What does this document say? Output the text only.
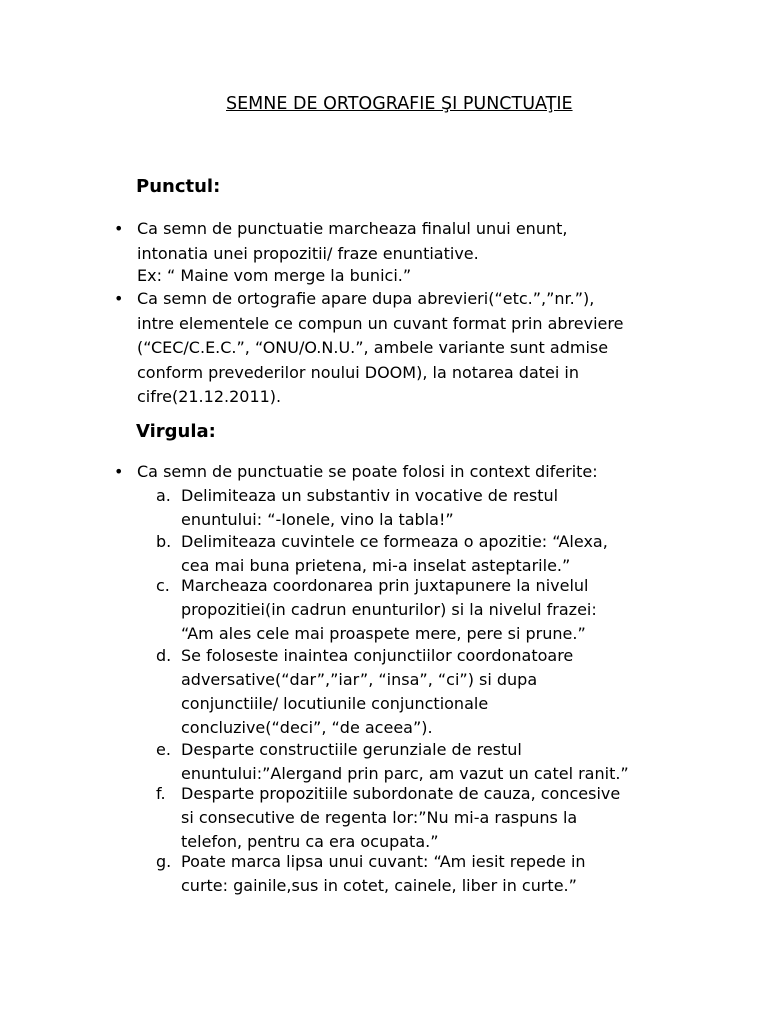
SEMNE DE ORTOGRAFIE ŞI PUNCTUAŢIE
Punctul:
• Ca semn de punctuatie marcheaza finalul unui enunt,
intonatia unei propozitii/ fraze enuntiative.
Ex: “ Maine vom merge la bunici.”
• Ca semn de ortografie apare dupa abrevieri(“etc.”,”nr.”),
intre elementele ce compun un cuvant format prin abreviere
(“CEC/C.E.C.”, “ONU/O.N.U.”, ambele variante sunt admise
conform prevederilor noului DOOM), la notarea datei in
cifre(21.12.2011).
Virgula:
• Ca semn de punctuatie se poate folosi in context diferite:
a. Delimiteaza un substantiv in vocative de restul
enuntului: “-Ionele, vino la tabla!”
b. Delimiteaza cuvintele ce formeaza o apozitie: “Alexa,
cea mai buna prietena, mi-a inselat asteptarile.”
c. Marcheaza coordonarea prin juxtapunere la nivelul
propozitiei(in cadrun enunturilor) si la nivelul frazei:
“Am ales cele mai proaspete mere, pere si prune.”
d. Se foloseste inaintea conjunctiilor coordonatoare
adversative(“dar”,”iar”, “insa”, “ci”) si dupa
conjunctiile/ locutiunile conjunctionale
concluzive(“deci”, “de aceea”).
e. Desparte constructiile gerunziale de restul
enuntului:”Alergand prin parc, am vazut un catel ranit.”
f. Desparte propozitiile subordonate de cauza, concesive
si consecutive de regenta lor:”Nu mi-a raspuns la
telefon, pentru ca era ocupata.”
g. Poate marca lipsa unui cuvant: “Am iesit repede in
curte: gainile,sus in cotet, cainele, liber in curte.”
